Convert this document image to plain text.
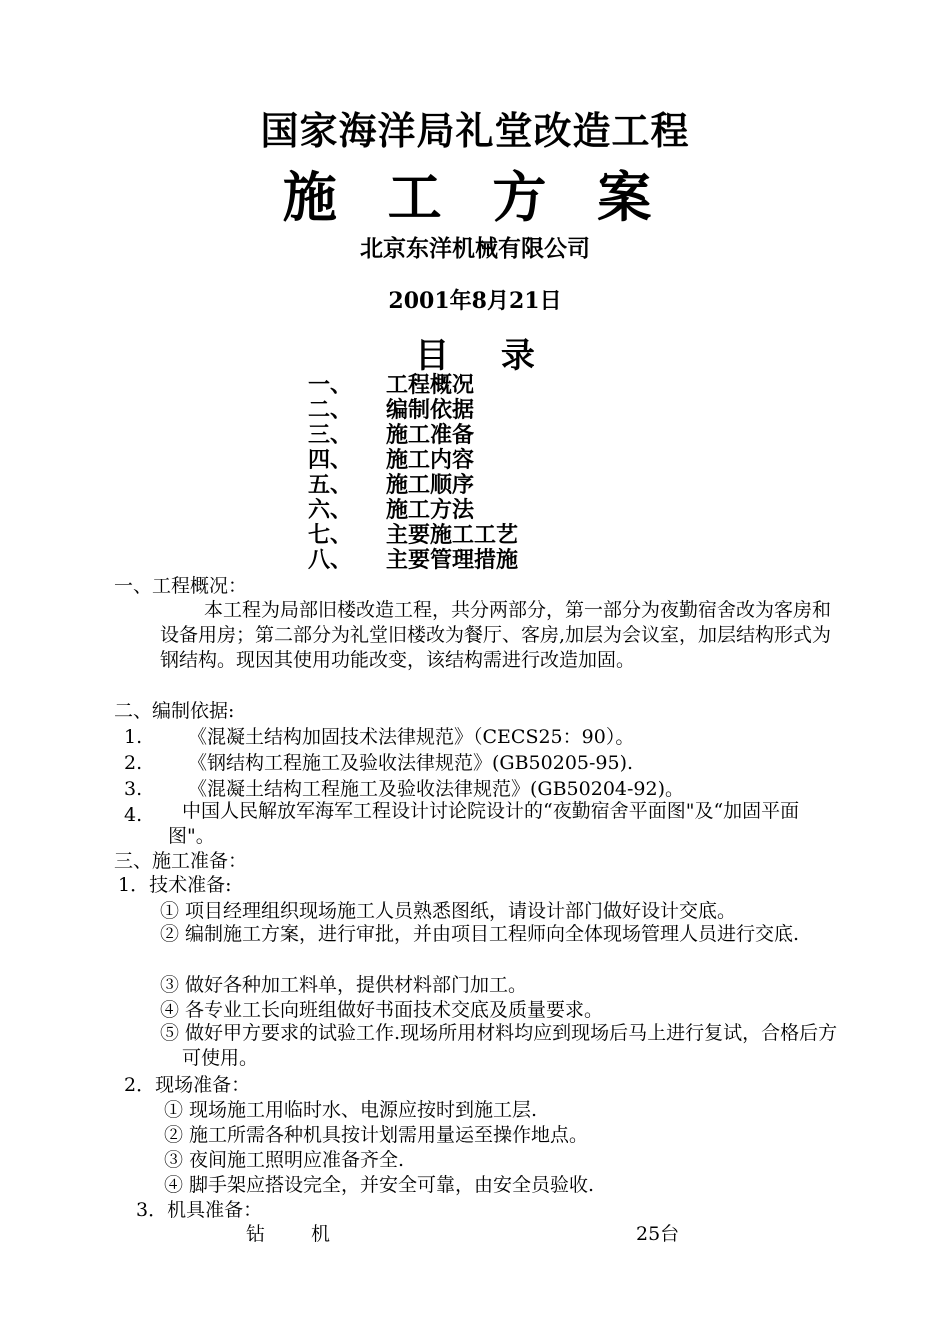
国家海洋局礼堂改造工程
施 工 方 案
北京东洋机械有限公司
2001年8月21日
目 录
一、 工程概况
二、 编制依据
三、 施工准备
四、 施工内容
五、 施工顺序
六、 施工方法
七、 主要施工工艺
八、 主要管理措施
一、工程概况：
本工程为局部旧楼改造工程，共分两部分，第一部分为夜勤宿舍改为客房和设备用房；第二部分为礼堂旧楼改为餐厅、客房,加层为会议室，加层结构形式为钢结构。现因其使用功能改变，该结构需进行改造加固。
二、编制依据:
1. 《混凝土结构加固技术法律规范》（CECS25：90）。
2. 《钢结构工程施工及验收法律规范》(GB50205-95).
3. 《混凝土结构工程施工及验收法律规范》(GB50204-92)。
4.	中国人民解放军海军工程设计讨论院设计的“夜勤宿舍平面图"及“加固平面图"。
三、施工准备：
1．技术准备:
① 项目经理组织现场施工人员熟悉图纸，请设计部门做好设计交底。
② 编制施工方案，进行审批，并由项目工程师向全体现场管理人员进行交底.
③ 做好各种加工料单，提供材料部门加工。
④ 各专业工长向班组做好书面技术交底及质量要求。
⑤ 做好甲方要求的试验工作.现场所用材料均应到现场后马上进行复试，合格后方可使用。
2．现场准备：
① 现场施工用临时水、电源应按时到施工层.
② 施工所需各种机具按计划需用量运至操作地点。
③ 夜间施工照明应准备齐全.
④ 脚手架应搭设完全，并安全可靠，由安全员验收.
3．机具准备：
钻机	25台
